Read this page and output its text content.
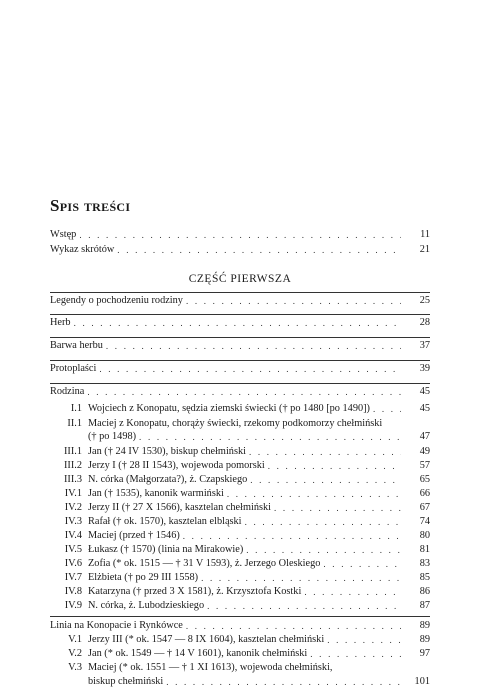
Spis treści
Wstęp . . .	11
Wykaz skrótów . . .	21
CZĘŚĆ PIERWSZA
Legendy o pochodzeniu rodziny . . .	25
Herb . . .	28
Barwa herbu . . .	37
Protoplaści . . .	39
Rodzina . . .	45
I.1 Wojciech z Konopatu, sędzia ziemski świecki († po 1480 [po 1490]) . . .	45
II.1 Maciej z Konopatu, chorąży świecki, rzekomy podkomorzy chełmiński
(† po 1498) . . .	47
III.1 Jan († 24 IV 1530), biskup chełmiński . . .	49
III.2 Jerzy I († 28 II 1543), wojewoda pomorski . . .	57
III.3 N. córka (Małgorzata?), ż. Czapskiego . . .	65
IV.1 Jan († 1535), kanonik warmiński . . .	66
IV.2 Jerzy II († 27 X 1566), kasztelan chełmiński . . .	67
IV.3 Rafał († ok. 1570), kasztelan elbląski . . .	74
IV.4 Maciej (przed † 1546) . . .	80
IV.5 Łukasz († 1570) (linia na Mirakowie) . . .	81
IV.6 Zofia (* ok. 1515 — † 31 V 1593), ż. Jerzego Oleskiego . . .	83
IV.7 Elżbieta († po 29 III 1558) . . .	85
IV.8 Katarzyna († przed 3 X 1581), ż. Krzysztofa Kostki . . .	86
IV.9 N. córka, ż. Lubodzieskiego . . .	87
Linia na Konopacie i Rynkówce . . .	89
V.1 Jerzy III (* ok. 1547 — 8 IX 1604), kasztelan chełmiński . . .	89
V.2 Jan (* ok. 1549 — † 14 V 1601), kanonik chełmiński . . .	97
V.3 Maciej (* ok. 1551 — † 1 XI 1613), wojewoda chełmiński,
biskup chełmiński . . .	101
